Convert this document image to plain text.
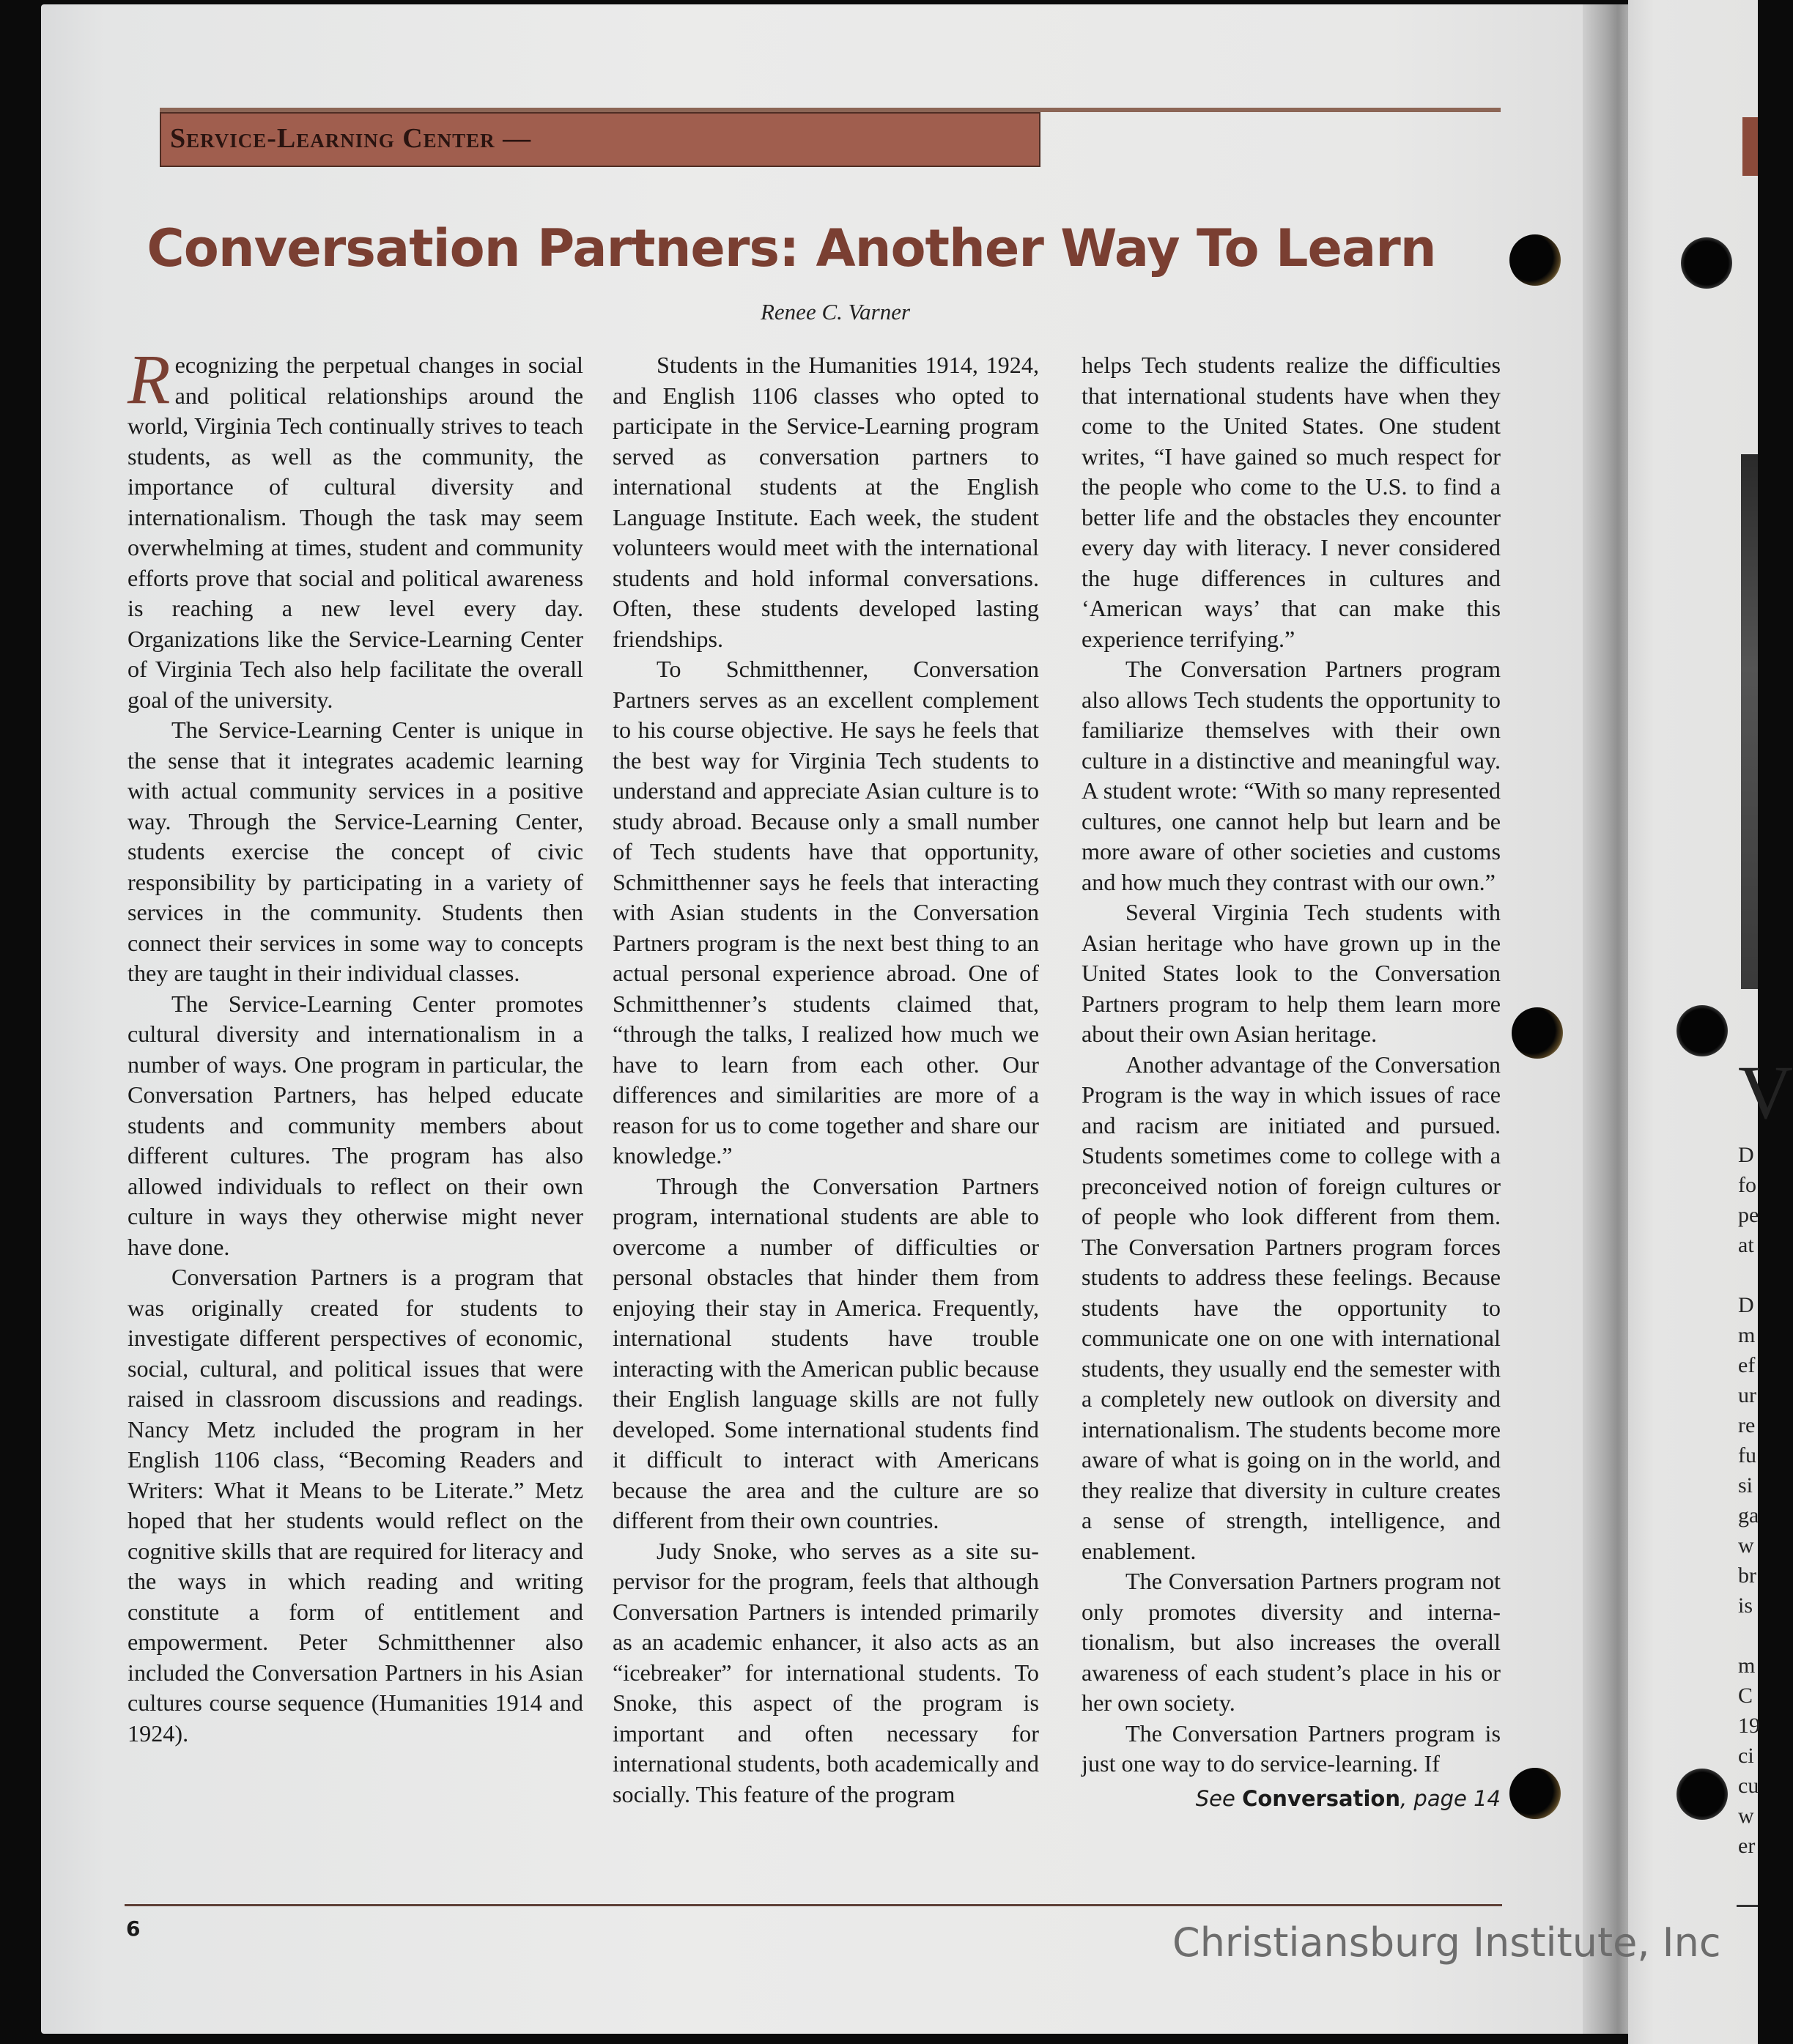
Service-Learning Center —
Conversation Partners: Another Way To Learn
Renee C. Varner

Recognizing the perpetual changes in social and political relationships around the world, Virginia Tech continually strives to teach students, as well as the community, the importance of cultural diversity and internationalism. Though the task may seem overwhelming at times, student and community efforts prove that social and political awareness is reaching a new level every day. Organizations like the Service-Learning Center of Virginia Tech also help facilitate the overall goal of the university.

The Service-Learning Center is unique in the sense that it integrates academic learning with actual community services in a positive way. Through the Service-Learning Center, students exercise the concept of civic responsibility by participating in a variety of services in the community. Students then connect their services in some way to concepts they are taught in their individual classes.

The Service-Learning Center promotes cultural diversity and internationalism in a number of ways. One program in particular, the Conversation Partners, has helped educate students and community members about different cultures. The program has also allowed individuals to reflect on their own culture in ways they otherwise might never have done.

Conversation Partners is a program that was originally created for students to investigate different perspectives of economic, social, cultural, and political issues that were raised in classroom discussions and readings. Nancy Metz included the program in her English 1106 class, “Becoming Readers and Writers: What it Means to be Literate.” Metz hoped that her students would reflect on the cognitive skills that are required for literacy and the ways in which reading and writing constitute a form of entitlement and empowerment. Peter Schmitthenner also included the Conversation Partners in his Asian cultures course sequence (Humanities 1914 and 1924).

Students in the Humanities 1914, 1924, and English 1106 classes who opted to participate in the Service-Learning program served as conversation partners to international students at the English Language Institute. Each week, the student volunteers would meet with the international students and hold informal conversations. Often, these students developed lasting friendships.

To Schmitthenner, Conversation Partners serves as an excellent complement to his course objective. He says he feels that the best way for Virginia Tech students to understand and appreciate Asian culture is to study abroad. Because only a small number of Tech students have that opportunity, Schmitthenner says he feels that interacting with Asian students in the Conversation Partners program is the next best thing to an actual personal experience abroad. One of Schmitthenner’s students claimed that, “through the talks, I realized how much we have to learn from each other. Our differences and similarities are more of a reason for us to come together and share our knowledge.”

Through the Conversation Partners program, international students are able to overcome a number of difficulties or personal obstacles that hinder them from enjoying their stay in America. Frequently, international students have trouble interacting with the American public because their English language skills are not fully developed. Some international students find it difficult to interact with Americans because the area and the culture are so different from their own countries.

Judy Snoke, who serves as a site supervisor for the program, feels that although Conversation Partners is intended primarily as an academic enhancer, it also acts as an “icebreaker” for international students. To Snoke, this aspect of the program is important and often necessary for international students, both academically and socially. This feature of the program

helps Tech students realize the difficulties that international students have when they come to the United States. One student writes, “I have gained so much respect for the people who come to the U.S. to find a better life and the obstacles they encounter every day with literacy. I never considered the huge differences in cultures and ‘American ways’ that can make this experience terrifying.”

The Conversation Partners program also allows Tech students the opportunity to familiarize themselves with their own culture in a distinctive and meaningful way. A student wrote: “With so many represented cultures, one cannot help but learn and be more aware of other societies and customs and how much they contrast with our own.”

Several Virginia Tech students with Asian heritage who have grown up in the United States look to the Conversation Partners program to help them learn more about their own Asian heritage.

Another advantage of the Conversation Program is the way in which issues of race and racism are initiated and pursued. Students sometimes come to college with a preconceived notion of foreign cultures or of people who look different from them. The Conversation Partners program forces students to address these feelings. Because students have the opportunity to communicate one on one with international students, they usually end the semester with a completely new outlook on diversity and internationalism. The students become more aware of what is going on in the world, and they realize that diversity in culture creates a sense of strength, intelligence, and enablement.

The Conversation Partners program not only promotes diversity and internationalism, but also increases the overall awareness of each student’s place in his or her own society.

The Conversation Partners program is just one way to do service-learning. If

See Conversation, page 14
6	Christiansburg Institute, Inc
V
D
fo
pe
at
D
m
ef
ur
re
fu
si
ga
w
br
is
m
C
19
ci
cu
w
er
